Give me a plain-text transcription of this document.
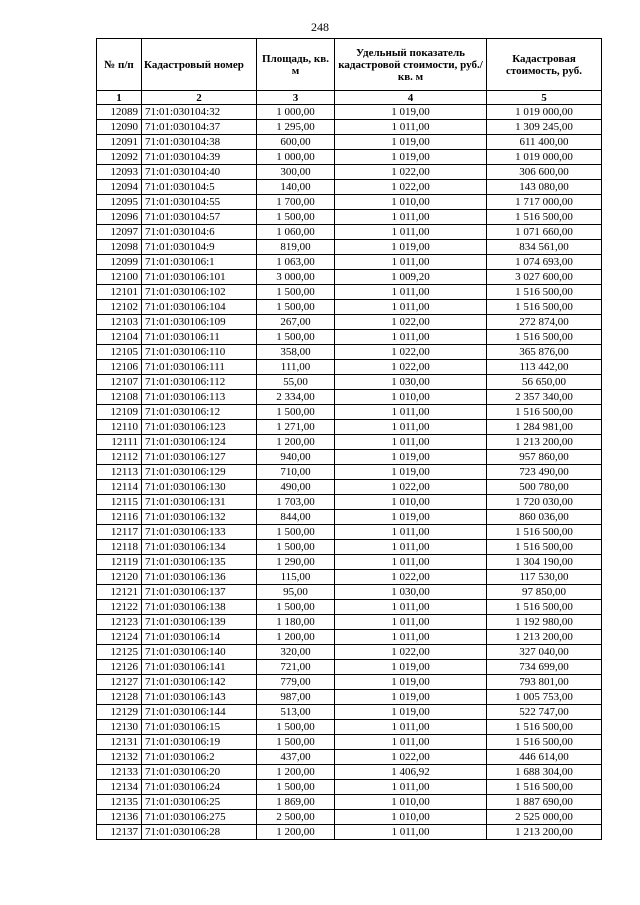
248
№ п/п	Кадастровый номер	Площадь, кв. м	Удельный показатель кадастровой стоимости, руб./кв. м	Кадастровая стоимость, руб.
1	2	3	4	5
12089	71:01:030104:32	1 000,00	1 019,00	1 019 000,00
12090	71:01:030104:37	1 295,00	1 011,00	1 309 245,00
12091	71:01:030104:38	600,00	1 019,00	611 400,00
12092	71:01:030104:39	1 000,00	1 019,00	1 019 000,00
12093	71:01:030104:40	300,00	1 022,00	306 600,00
12094	71:01:030104:5	140,00	1 022,00	143 080,00
12095	71:01:030104:55	1 700,00	1 010,00	1 717 000,00
12096	71:01:030104:57	1 500,00	1 011,00	1 516 500,00
12097	71:01:030104:6	1 060,00	1 011,00	1 071 660,00
12098	71:01:030104:9	819,00	1 019,00	834 561,00
12099	71:01:030106:1	1 063,00	1 011,00	1 074 693,00
12100	71:01:030106:101	3 000,00	1 009,20	3 027 600,00
12101	71:01:030106:102	1 500,00	1 011,00	1 516 500,00
12102	71:01:030106:104	1 500,00	1 011,00	1 516 500,00
12103	71:01:030106:109	267,00	1 022,00	272 874,00
12104	71:01:030106:11	1 500,00	1 011,00	1 516 500,00
12105	71:01:030106:110	358,00	1 022,00	365 876,00
12106	71:01:030106:111	111,00	1 022,00	113 442,00
12107	71:01:030106:112	55,00	1 030,00	56 650,00
12108	71:01:030106:113	2 334,00	1 010,00	2 357 340,00
12109	71:01:030106:12	1 500,00	1 011,00	1 516 500,00
12110	71:01:030106:123	1 271,00	1 011,00	1 284 981,00
12111	71:01:030106:124	1 200,00	1 011,00	1 213 200,00
12112	71:01:030106:127	940,00	1 019,00	957 860,00
12113	71:01:030106:129	710,00	1 019,00	723 490,00
12114	71:01:030106:130	490,00	1 022,00	500 780,00
12115	71:01:030106:131	1 703,00	1 010,00	1 720 030,00
12116	71:01:030106:132	844,00	1 019,00	860 036,00
12117	71:01:030106:133	1 500,00	1 011,00	1 516 500,00
12118	71:01:030106:134	1 500,00	1 011,00	1 516 500,00
12119	71:01:030106:135	1 290,00	1 011,00	1 304 190,00
12120	71:01:030106:136	115,00	1 022,00	117 530,00
12121	71:01:030106:137	95,00	1 030,00	97 850,00
12122	71:01:030106:138	1 500,00	1 011,00	1 516 500,00
12123	71:01:030106:139	1 180,00	1 011,00	1 192 980,00
12124	71:01:030106:14	1 200,00	1 011,00	1 213 200,00
12125	71:01:030106:140	320,00	1 022,00	327 040,00
12126	71:01:030106:141	721,00	1 019,00	734 699,00
12127	71:01:030106:142	779,00	1 019,00	793 801,00
12128	71:01:030106:143	987,00	1 019,00	1 005 753,00
12129	71:01:030106:144	513,00	1 019,00	522 747,00
12130	71:01:030106:15	1 500,00	1 011,00	1 516 500,00
12131	71:01:030106:19	1 500,00	1 011,00	1 516 500,00
12132	71:01:030106:2	437,00	1 022,00	446 614,00
12133	71:01:030106:20	1 200,00	1 406,92	1 688 304,00
12134	71:01:030106:24	1 500,00	1 011,00	1 516 500,00
12135	71:01:030106:25	1 869,00	1 010,00	1 887 690,00
12136	71:01:030106:275	2 500,00	1 010,00	2 525 000,00
12137	71:01:030106:28	1 200,00	1 011,00	1 213 200,00
